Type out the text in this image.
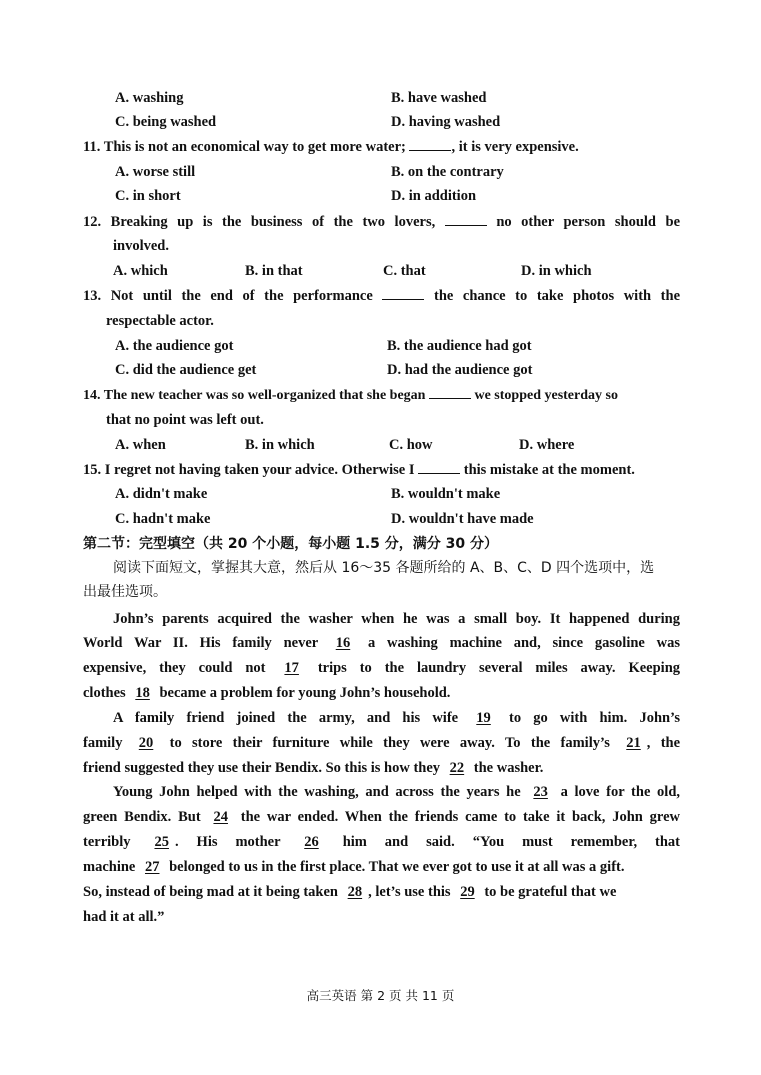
A. washing	B. have washed
C. being washed	D. having washed
11. This is not an economical way to get more water;	, it is very expensive.
A. worse still	B. on the contrary
C. in short	D. in addition
12. Breaking up is the business of the two lovers,	no other person should be
involved.
A. which	B. in that	C. that	D. in which
13. Not until the end of the performance	the chance to take photos with the
respectable actor.
A. the audience got	B. the audience had got
C. did the audience get	D. had the audience got
14. The new teacher was so well-organized that she began	we stopped yesterday so
that no point was left out.
A. when	B. in which	C. how	D. where
15. I regret not having taken your advice. Otherwise I	this mistake at the moment.
A. didn't make	B. wouldn't make
C. hadn't make	D. wouldn't have made
第二节：完型填空（共 20 个小题，每小题 1.5 分，满分 30 分）
阅读下面短文，掌握其大意，然后从 16～35 各题所给的 A、B、C、D 四个选项中，选
出最佳选项。
John’s parents acquired the washer when he was a small boy. It happened during
World War II. His family never 16 a washing machine and, since gasoline was
expensive, they could not 17 trips to the laundry several miles away. Keeping
clothes 18 became a problem for young John’s household.
A family friend joined the army, and his wife 19 to go with him. John’s
family 20 to store their furniture while they were away. To the family’s 21 , the
friend suggested they use their Bendix. So this is how they 22 the washer.
Young John helped with the washing, and across the years he 23 a love for the old,
green Bendix. But 24 the war ended. When the friends came to take it back, John grew
terribly 25 . His mother 26 him and said. “You must remember, that
machine 27 belonged to us in the first place. That we ever got to use it at all was a gift.
So, instead of being mad at it being taken 28 , let’s use this 29 to be grateful that we
had it at all.”
高三英语 第 2 页 共 11 页
